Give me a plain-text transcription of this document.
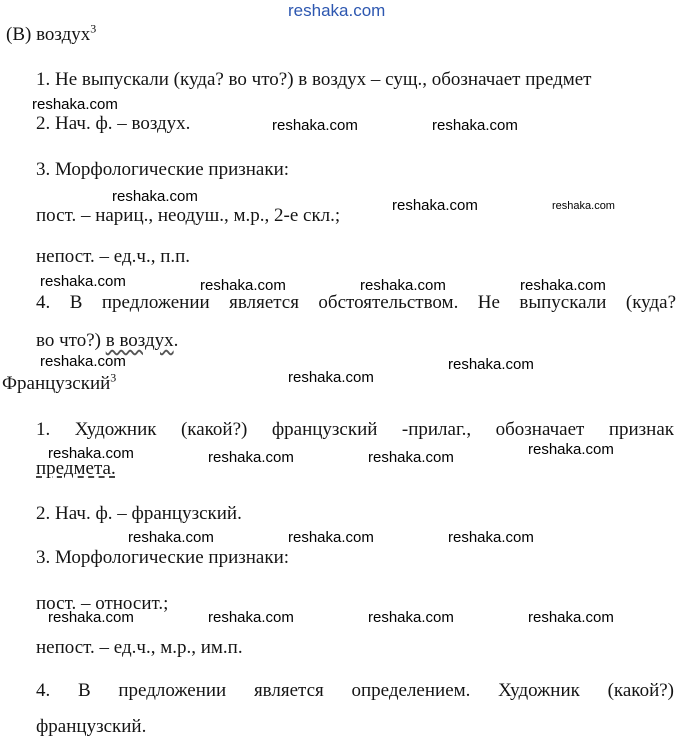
reshaka.com
(В) воздух$^3$
1. Не выпускали (куда? во что?) в воздух – сущ., обозначает предмет
2. Нач. ф. – воздух.
3. Морфологические признаки:
пост. – нариц., неодуш., м.р., 2-е скл.;
непост. – ед.ч., п.п.
4. В предложении является обстоятельством. Не выпускали (куда?
во что?) в воздух.
Французский$^3$
1. Художник (какой?) французский -прилаг., обозначает признак
предмета.
2. Нач. ф. – французский.
3. Морфологические признаки:
пост. – относит.;
непост. – ед.ч., м.р., им.п.
4. В предложении является определением. Художник (какой?)
французский.
reshaka.com
reshaka.com	reshaka.com
reshaka.com
reshaka.com	reshaka.com
reshaka.com	reshaka.com	reshaka.com	reshaka.com
reshaka.com	reshaka.com
reshaka.com
reshaka.com	reshaka.com	reshaka.com	reshaka.com
reshaka.com	reshaka.com	reshaka.com
reshaka.com	reshaka.com	reshaka.com	reshaka.com
